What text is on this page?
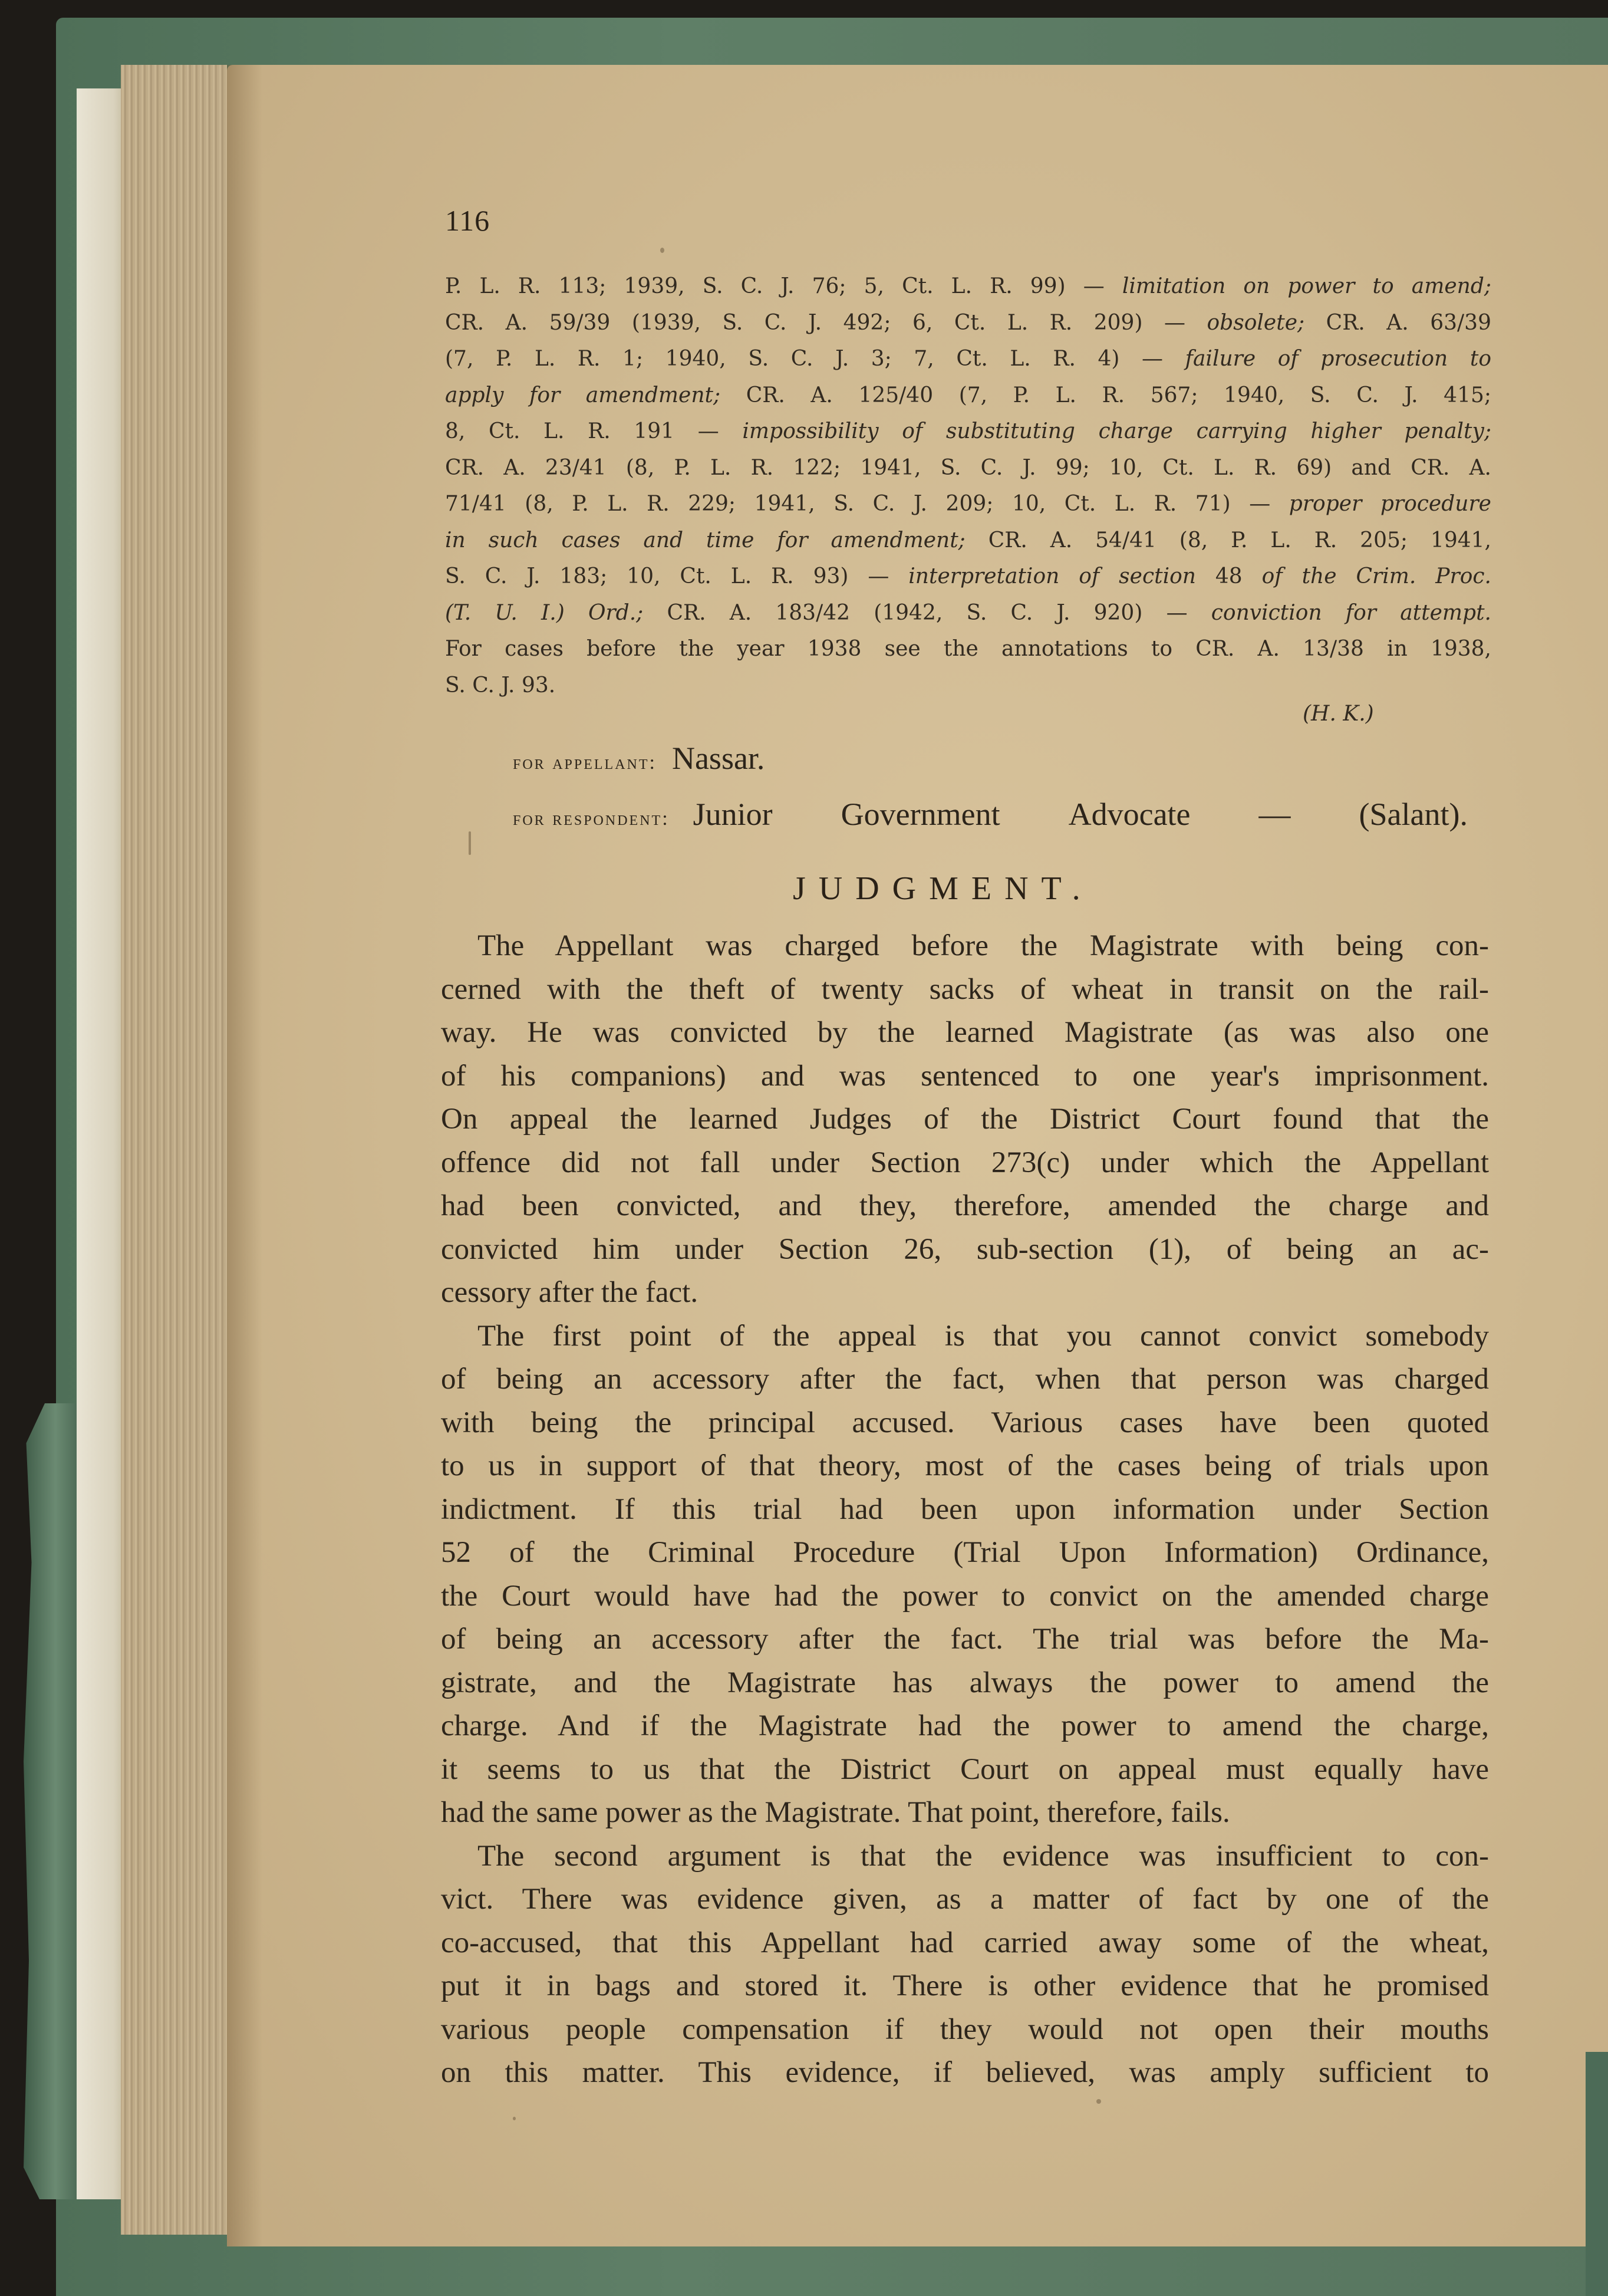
116
P. L. R. 113; 1939, S. C. J. 76; 5, Ct. L. R. 99) — limitation on power to amend;
CR. A. 59/39 (1939, S. C. J. 492; 6, Ct. L. R. 209) — obsolete; CR. A. 63/39
(7, P. L. R. 1; 1940, S. C. J. 3; 7, Ct. L. R. 4) — failure of prosecution to
apply for amendment; CR. A. 125/40 (7, P. L. R. 567; 1940, S. C. J. 415;
8, Ct. L. R. 191 — impossibility of substituting charge carrying higher penalty;
CR. A. 23/41 (8, P. L. R. 122; 1941, S. C. J. 99; 10, Ct. L. R. 69) and CR. A.
71/41 (8, P. L. R. 229; 1941, S. C. J. 209; 10, Ct. L. R. 71) — proper procedure
in such cases and time for amendment; CR. A. 54/41 (8, P. L. R. 205; 1941,
S. C. J. 183; 10, Ct. L. R. 93) — interpretation of section 48 of the Crim. Proc.
(T. U. I.) Ord.; CR. A. 183/42 (1942, S. C. J. 920) — conviction for attempt.
For cases before the year 1938 see the annotations to CR. A. 13/38 in 1938,
S. C. J. 93.
(H. K.)
for appellant: Nassar.
for respondent: Junior Government Advocate — (Salant).
JUDGMENT.
The Appellant was charged before the Magistrate with being con-
cerned with the theft of twenty sacks of wheat in transit on the rail-
way. He was convicted by the learned Magistrate (as was also one
of his companions) and was sentenced to one year's imprisonment.
On appeal the learned Judges of the District Court found that the
offence did not fall under Section 273(c) under which the Appellant
had been convicted, and they, therefore, amended the charge and
convicted him under Section 26, sub-section (1), of being an ac-
cessory after the fact.
The first point of the appeal is that you cannot convict somebody
of being an accessory after the fact, when that person was charged
with being the principal accused. Various cases have been quoted
to us in support of that theory, most of the cases being of trials upon
indictment. If this trial had been upon information under Section
52 of the Criminal Procedure (Trial Upon Information) Ordinance,
the Court would have had the power to convict on the amended charge
of being an accessory after the fact. The trial was before the Ma-
gistrate, and the Magistrate has always the power to amend the
charge. And if the Magistrate had the power to amend the charge,
it seems to us that the District Court on appeal must equally have
had the same power as the Magistrate. That point, therefore, fails.
The second argument is that the evidence was insufficient to con-
vict. There was evidence given, as a matter of fact by one of the
co-accused, that this Appellant had carried away some of the wheat,
put it in bags and stored it. There is other evidence that he promised
various people compensation if they would not open their mouths
on this matter. This evidence, if believed, was amply sufficient to
